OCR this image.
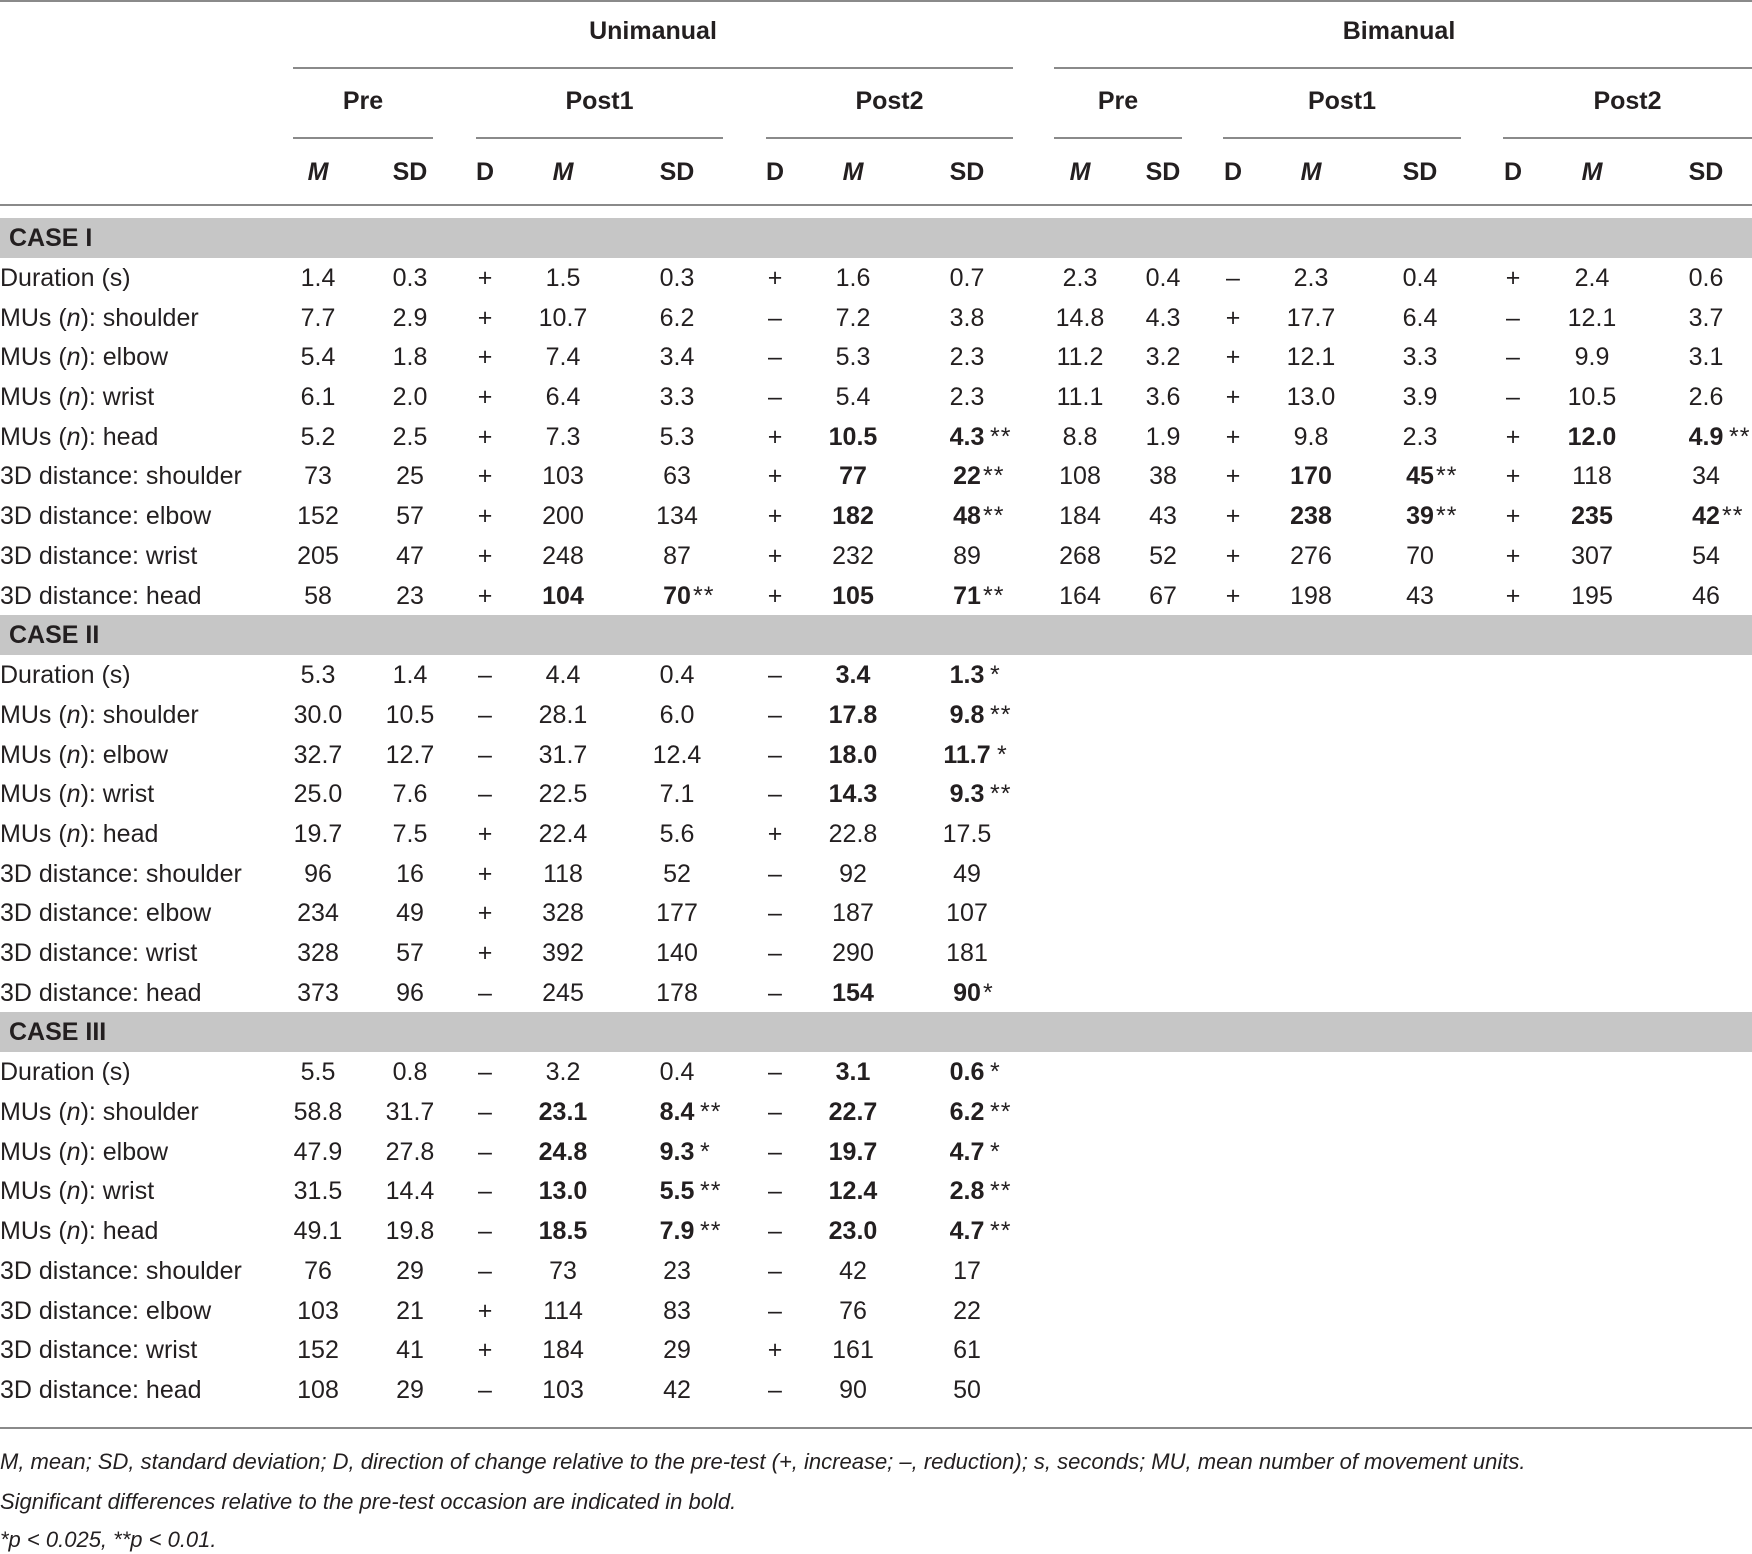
Unimanual	Bimanual
Pre	Post1	Post2	Pre	Post1	Post2
M	SD	D	M	SD	D	M	SD	M	SD	D	M	SD	D	M	SD
CASE I
Duration (s)	1.4	0.3	+	1.5	0.3	+	1.6	0.7	2.3	0.4	–	2.3	0.4	+	2.4	0.6
MUs (n): shoulder	7.7	2.9	+	10.7	6.2	–	7.2	3.8	14.8	4.3	+	17.7	6.4	–	12.1	3.7
MUs (n): elbow	5.4	1.8	+	7.4	3.4	–	5.3	2.3	11.2	3.2	+	12.1	3.3	–	9.9	3.1
MUs (n): wrist	6.1	2.0	+	6.4	3.3	–	5.4	2.3	11.1	3.6	+	13.0	3.9	–	10.5	2.6
MUs (n): head	5.2	2.5	+	7.3	5.3	+	10.5	4.3 **	8.8	1.9	+	9.8	2.3	+	12.0	4.9 **
3D distance: shoulder	73	25	+	103	63	+	77	22 **	108	38	+	170	45 **	+	118	34
3D distance: elbow	152	57	+	200	134	+	182	48 **	184	43	+	238	39 **	+	235	42 **
3D distance: wrist	205	47	+	248	87	+	232	89	268	52	+	276	70	+	307	54
3D distance: head	58	23	+	104	70 **	+	105	71 **	164	67	+	198	43	+	195	46
CASE II
Duration (s)	5.3	1.4	–	4.4	0.4	–	3.4	1.3 *
MUs (n): shoulder	30.0	10.5	–	28.1	6.0	–	17.8	9.8 **
MUs (n): elbow	32.7	12.7	–	31.7	12.4	–	18.0	11.7 *
MUs (n): wrist	25.0	7.6	–	22.5	7.1	–	14.3	9.3 **
MUs (n): head	19.7	7.5	+	22.4	5.6	+	22.8	17.5
3D distance: shoulder	96	16	+	118	52	–	92	49
3D distance: elbow	234	49	+	328	177	–	187	107
3D distance: wrist	328	57	+	392	140	–	290	181
3D distance: head	373	96	–	245	178	–	154	90 *
CASE III
Duration (s)	5.5	0.8	–	3.2	0.4	–	3.1	0.6 *
MUs (n): shoulder	58.8	31.7	–	23.1	8.4 **	–	22.7	6.2 **
MUs (n): elbow	47.9	27.8	–	24.8	9.3 *	–	19.7	4.7 *
MUs (n): wrist	31.5	14.4	–	13.0	5.5 **	–	12.4	2.8 **
MUs (n): head	49.1	19.8	–	18.5	7.9 **	–	23.0	4.7 **
3D distance: shoulder	76	29	–	73	23	–	42	17
3D distance: elbow	103	21	+	114	83	–	76	22
3D distance: wrist	152	41	+	184	29	+	161	61
3D distance: head	108	29	–	103	42	–	90	50
M, mean; SD, standard deviation; D, direction of change relative to the pre-test (+, increase; –, reduction); s, seconds; MU, mean number of movement units.
Significant differences relative to the pre-test occasion are indicated in bold.
*p < 0.025, **p < 0.01.
